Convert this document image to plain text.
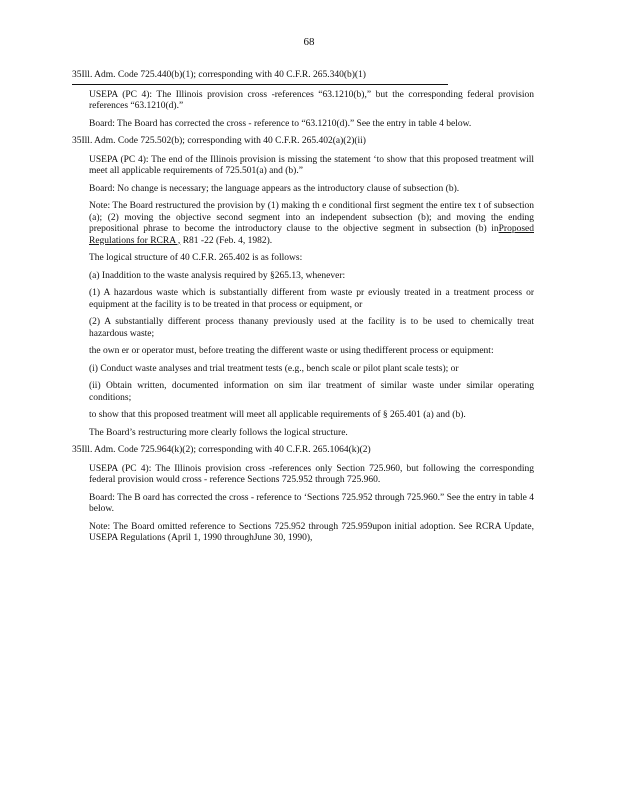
68
35Ill. Adm. Code 725.440(b)(1); corresponding with 40 C.F.R. 265.340(b)(1)
USEPA (PC 4): The Illinois provision cross -references “63.1210(b),” but the corresponding federal provision references “63.1210(d).”
Board: The Board has corrected the cross - reference to “63.1210(d).” See the entry in table 4 below.
35Ill. Adm. Code 725.502(b); corresponding with 40 C.F.R. 265.402(a)(2)(ii)
USEPA (PC 4): The end of the Illinois provision is missing the statement ‘to show that this proposed treatment will meet all applicable requirements of 725.501(a) and (b).”
Board: No change is necessary; the language appears as the introductory clause of subsection (b).
Note: The Board restructured the provision by (1) making th e conditional first segment the entire tex t of subsection (a); (2) moving the objective second segment into an independent subsection (b); and moving the ending prepositional phrase to become the introductory clause to the objective segment in subsection (b) inProposed Regulations for RCRA , R81 -22 (Feb. 4, 1982).
The logical structure of 40 C.F.R. 265.402 is as follows:
(a) Inaddition to the waste analysis required by §265.13, whenever:
(1) A hazardous waste which is substantially different from waste pr eviously treated in a treatment process or equipment at the facility is to be treated in that process or equipment, or
(2) A substantially different process thanany previously used at the facility is to be used to chemically treat hazardous waste;
the own er or operator must, before treating the different waste or using thedifferent process or equipment:
(i) Conduct waste analyses and trial treatment tests (e.g., bench scale or pilot plant scale tests); or
(ii) Obtain written, documented information on sim ilar treatment of similar waste under similar operating conditions;
to show that this proposed treatment will meet all applicable requirements of § 265.401 (a) and (b).
The Board’s restructuring more clearly follows the logical structure.
35Ill. Adm. Code 725.964(k)(2); corresponding with 40 C.F.R. 265.1064(k)(2)
USEPA (PC 4): The Illinois provision cross -references only Section 725.960, but following the corresponding federal provision would cross - reference Sections 725.952 through 725.960.
Board: The B oard has corrected the cross - reference to ‘Sections 725.952 through 725.960.” See the entry in table 4 below.
Note: The Board omitted reference to Sections 725.952 through 725.959upon initial adoption. See RCRA Update, USEPA Regulations (April 1, 1990 throughJune 30, 1990),
